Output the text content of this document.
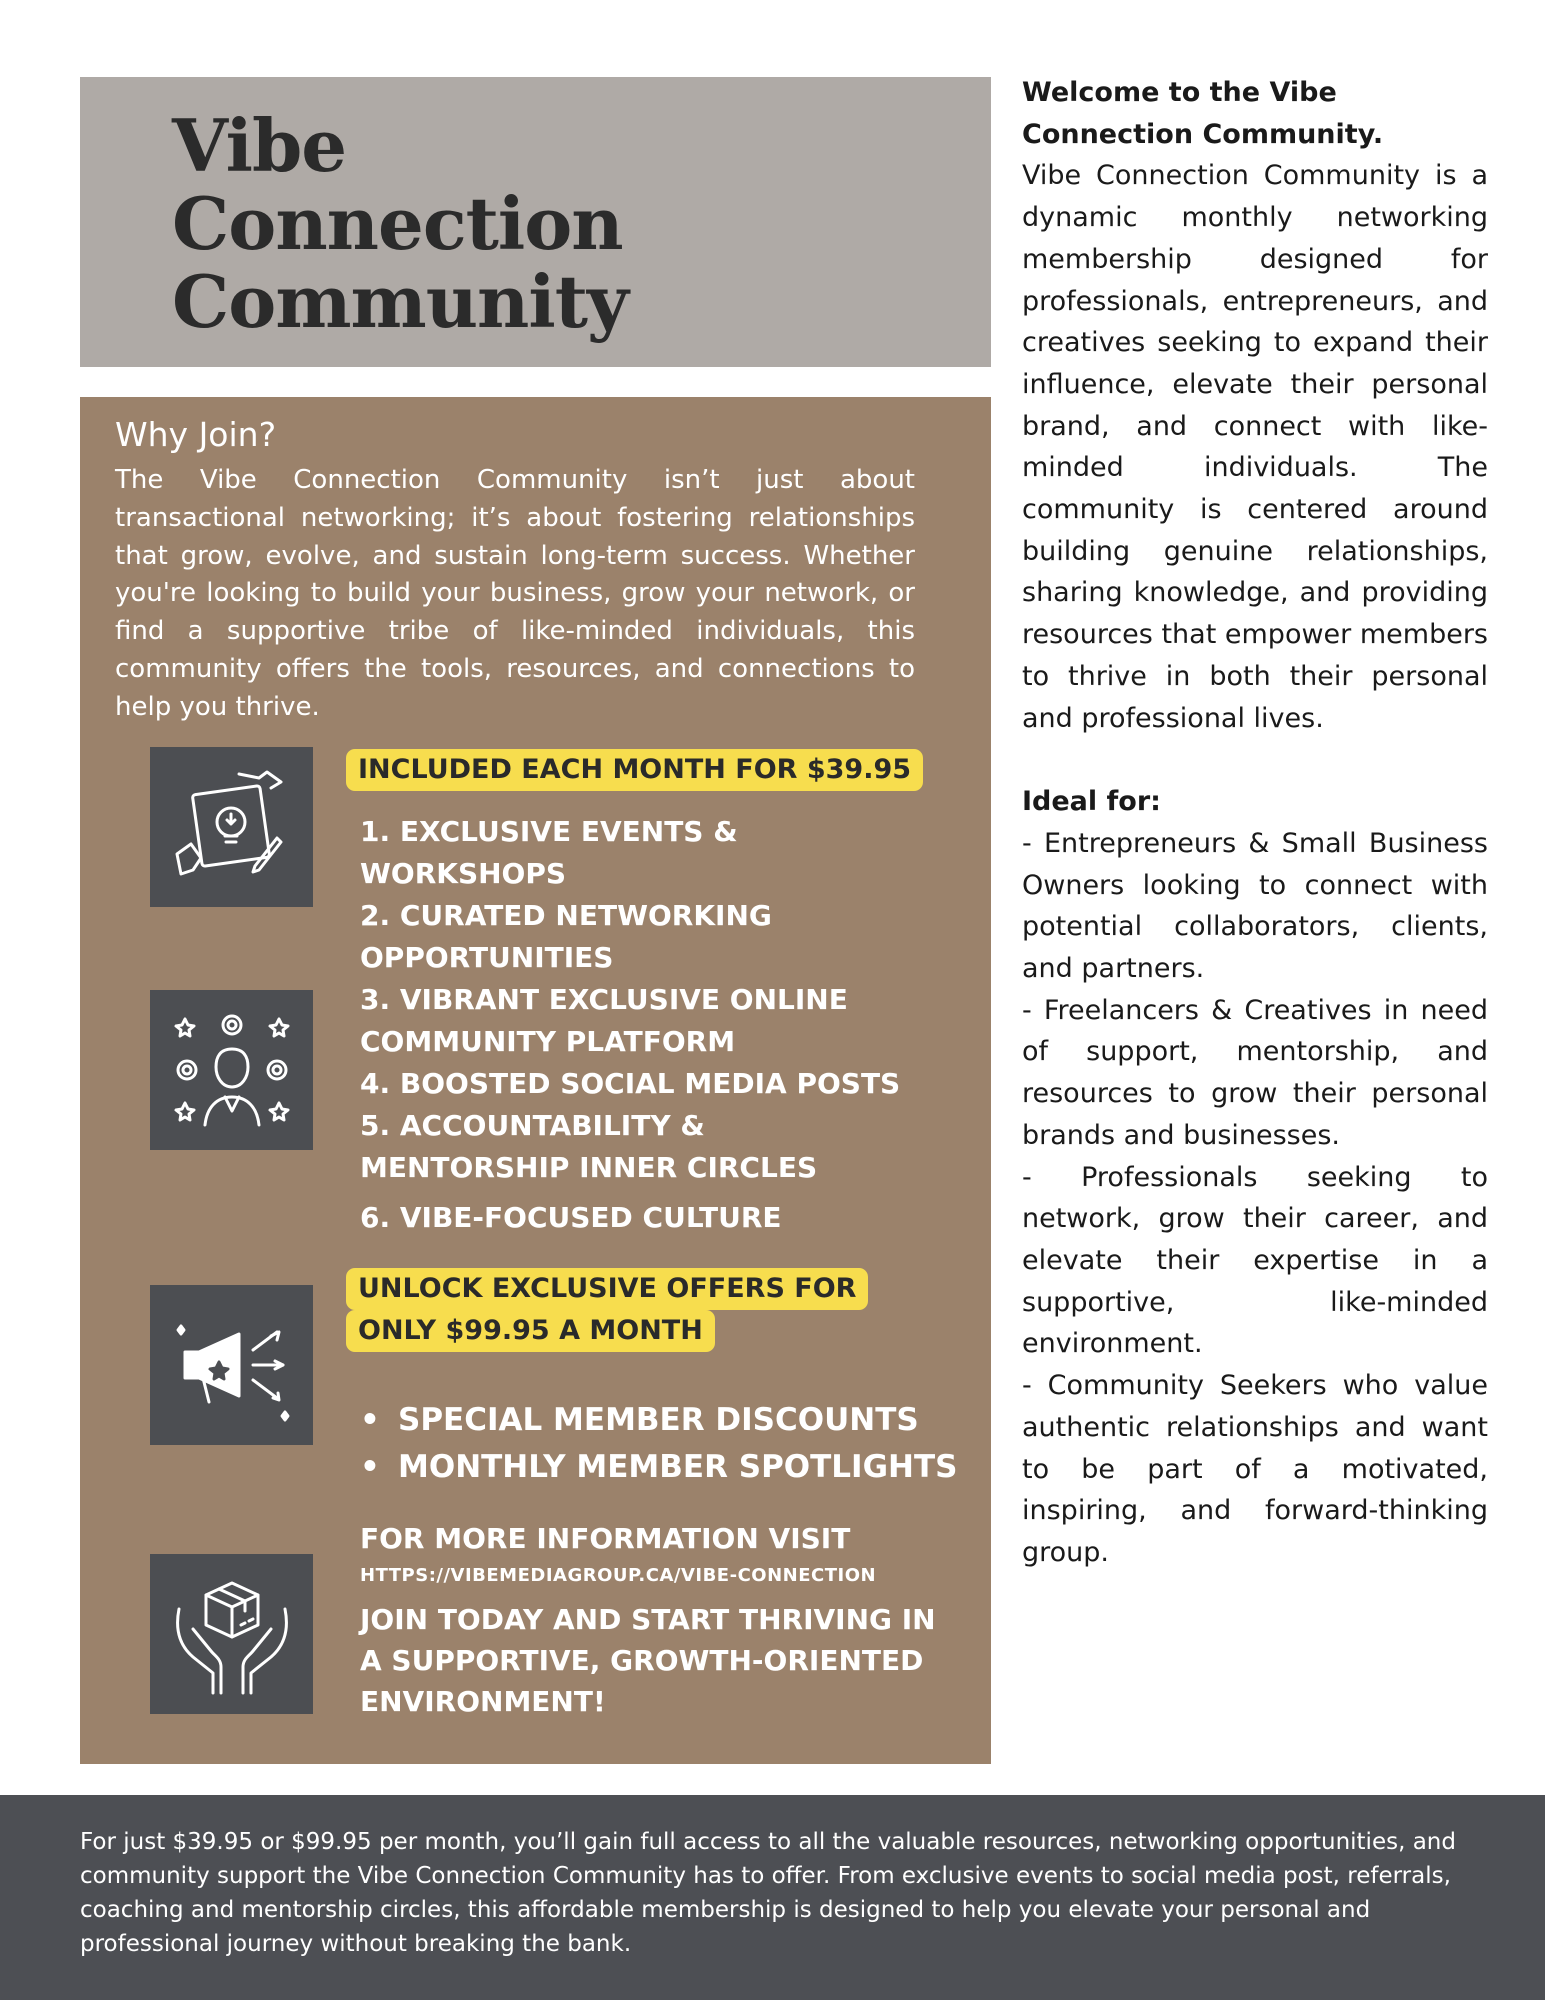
Vibe
Connection
Community
Why Join?

The Vibe Connection Community isn’t just about transactional networking; it’s about fostering relationships that grow, evolve, and sustain long-term success. Whether you're looking to build your business, grow your network, or find a supportive tribe of like-minded individuals, this community offers the tools, resources, and connections to help you thrive.

INCLUDED EACH MONTH FOR $39.95
1. EXCLUSIVE EVENTS &
WORKSHOPS
2. CURATED NETWORKING
OPPORTUNITIES
3. VIBRANT EXCLUSIVE ONLINE
COMMUNITY PLATFORM
4. BOOSTED SOCIAL MEDIA POSTS
5. ACCOUNTABILITY &
MENTORSHIP INNER CIRCLES
6. VIBE-FOCUSED CULTURE
UNLOCK EXCLUSIVE OFFERS FOR
ONLY $99.95 A MONTH
• SPECIAL MEMBER DISCOUNTS
• MONTHLY MEMBER SPOTLIGHTS

FOR MORE INFORMATION VISIT

HTTPS://VIBEMEDIAGROUP.CA/VIBE-CONNECTION

JOIN TODAY AND START THRIVING IN A SUPPORTIVE, GROWTH-ORIENTED ENVIRONMENT!

Welcome to the Vibe Connection Community.

Vibe Connection Community is a dynamic monthly networking membership designed for professionals, entrepreneurs, and creatives seeking to expand their influence, elevate their personal brand, and connect with like-minded individuals. The community is centered around building genuine relationships, sharing knowledge, and providing resources that empower members to thrive in both their personal and professional lives.

Ideal for:

- Entrepreneurs & Small Business Owners looking to connect with potential collaborators, clients, and partners.

- Freelancers & Creatives in need of support, mentorship, and resources to grow their personal brands and businesses.

- Professionals seeking to network, grow their career, and elevate their expertise in a supportive, like-minded environment.

- Community Seekers who value authentic relationships and want to be part of a motivated, inspiring, and forward-thinking group.

For just $39.95 or $99.95 per month, you’ll gain full access to all the valuable resources, networking opportunities, and community support the Vibe Connection Community has to offer. From exclusive events to social media post, referrals, coaching and mentorship circles, this affordable membership is designed to help you elevate your personal and professional journey without breaking the bank.
